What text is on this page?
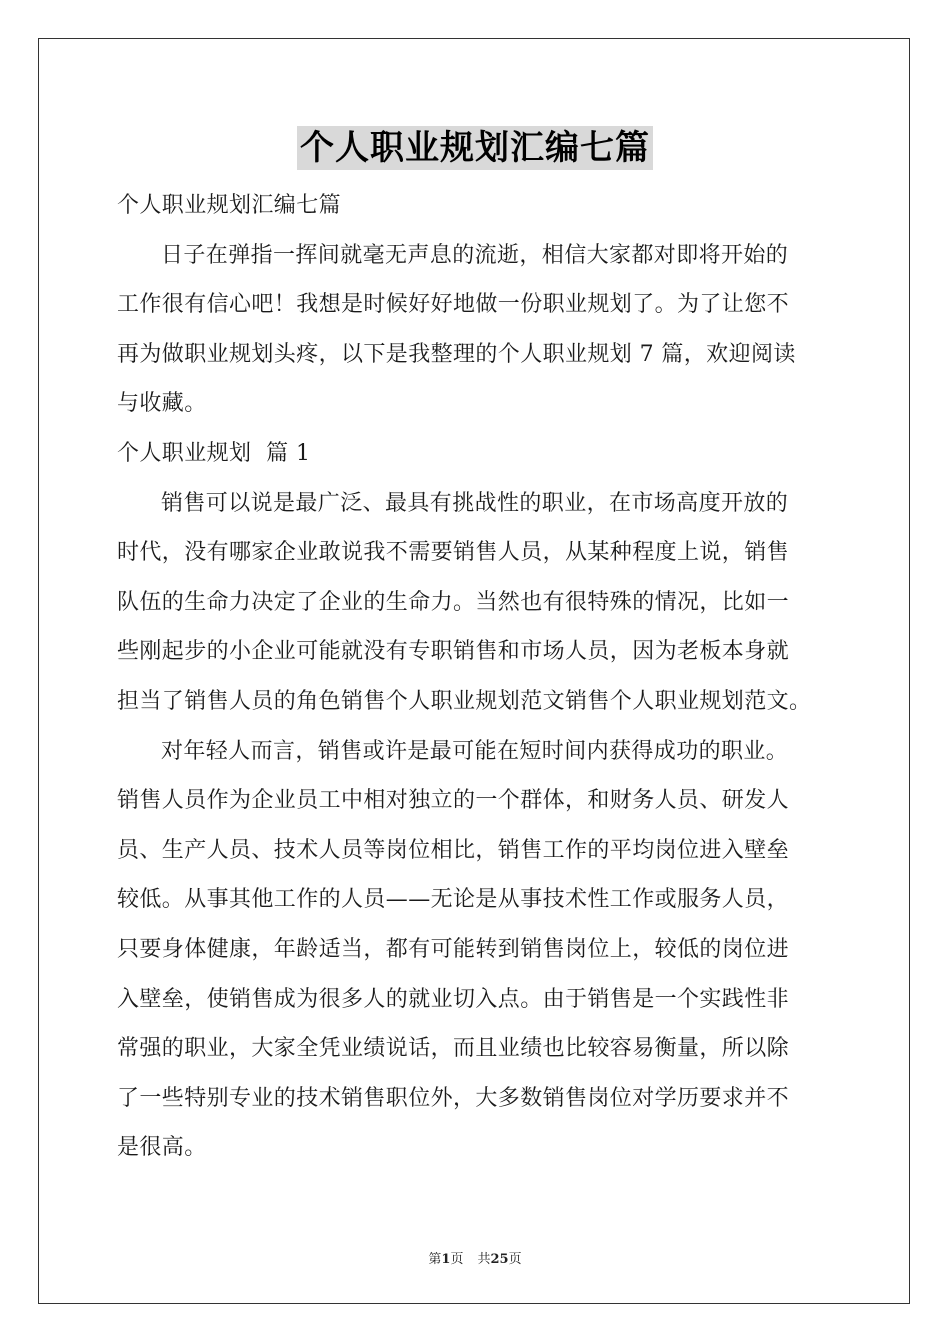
个人职业规划汇编七篇
个人职业规划汇编七篇
日子在弹指一挥间就毫无声息的流逝，相信大家都对即将开始的
工作很有信心吧！我想是时候好好地做一份职业规划了。为了让您不
再为做职业规划头疼，以下是我整理的个人职业规划 7 篇，欢迎阅读
与收藏。
个人职业规划  篇 1
销售可以说是最广泛、最具有挑战性的职业，在市场高度开放的
时代，没有哪家企业敢说我不需要销售人员，从某种程度上说，销售
队伍的生命力决定了企业的生命力。当然也有很特殊的情况，比如一
些刚起步的小企业可能就没有专职销售和市场人员，因为老板本身就
担当了销售人员的角色销售个人职业规划范文销售个人职业规划范文。
对年轻人而言，销售或许是最可能在短时间内获得成功的职业。
销售人员作为企业员工中相对独立的一个群体，和财务人员、研发人
员、生产人员、技术人员等岗位相比，销售工作的平均岗位进入壁垒
较低。从事其他工作的人员——无论是从事技术性工作或服务人员，
只要身体健康，年龄适当，都有可能转到销售岗位上，较低的岗位进
入壁垒，使销售成为很多人的就业切入点。由于销售是一个实践性非
常强的职业，大家全凭业绩说话，而且业绩也比较容易衡量，所以除
了一些特别专业的技术销售职位外，大多数销售岗位对学历要求并不
是很高。
第1页 共25页
